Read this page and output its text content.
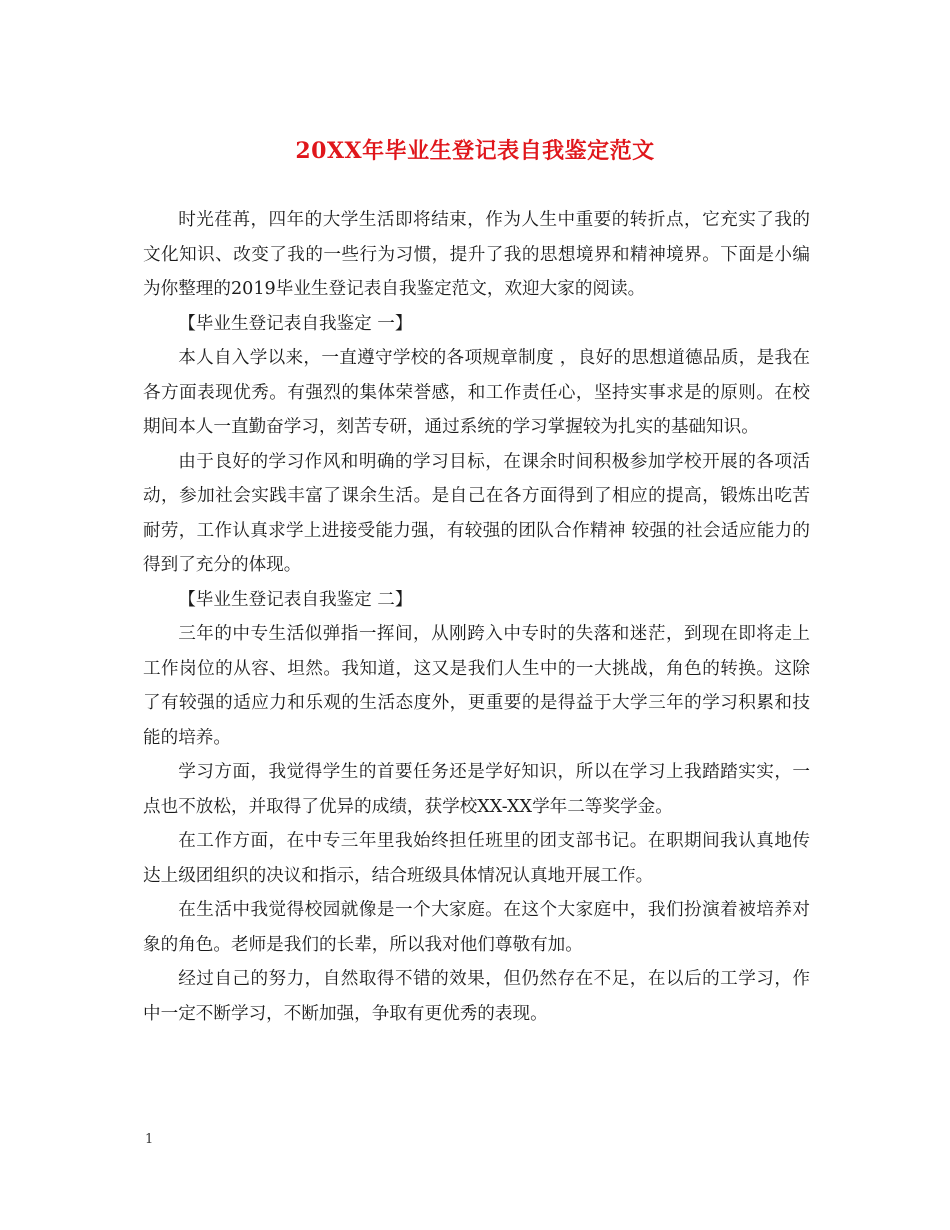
20XX年毕业生登记表自我鉴定范文

时光荏苒，四年的大学生活即将结束，作为人生中重要的转折点，它充实了我的文化知识、改变了我的一些行为习惯，提升了我的思想境界和精神境界。下面是小编为你整理的2019毕业生登记表自我鉴定范文，欢迎大家的阅读。

【毕业生登记表自我鉴定 一】

本人自入学以来，一直遵守学校的各项规章制度 ，良好的思想道德品质，是我在各方面表现优秀。有强烈的集体荣誉感，和工作责任心，坚持实事求是的原则。在校期间本人一直勤奋学习，刻苦专研，通过系统的学习掌握较为扎实的基础知识。

由于良好的学习作风和明确的学习目标，在课余时间积极参加学校开展的各项活动，参加社会实践丰富了课余生活。是自己在各方面得到了相应的提高，锻炼出吃苦耐劳，工作认真求学上进接受能力强，有较强的团队合作精神 较强的社会适应能力的得到了充分的体现。

【毕业生登记表自我鉴定 二】

三年的中专生活似弹指一挥间，从刚跨入中专时的失落和迷茫，到现在即将走上工作岗位的从容、坦然。我知道，这又是我们人生中的一大挑战，角色的转换。这除了有较强的适应力和乐观的生活态度外，更重要的是得益于大学三年的学习积累和技能的培养。

学习方面，我觉得学生的首要任务还是学好知识，所以在学习上我踏踏实实，一点也不放松，并取得了优异的成绩，获学校XX-XX学年二等奖学金。

在工作方面，在中专三年里我始终担任班里的团支部书记。在职期间我认真地传达上级团组织的决议和指示，结合班级具体情况认真地开展工作。

在生活中我觉得校园就像是一个大家庭。在这个大家庭中，我们扮演着被培养对象的角色。老师是我们的长辈，所以我对他们尊敬有加。

经过自己的努力，自然取得不错的效果，但仍然存在不足，在以后的工学习，作中一定不断学习，不断加强，争取有更优秀的表现。

1
